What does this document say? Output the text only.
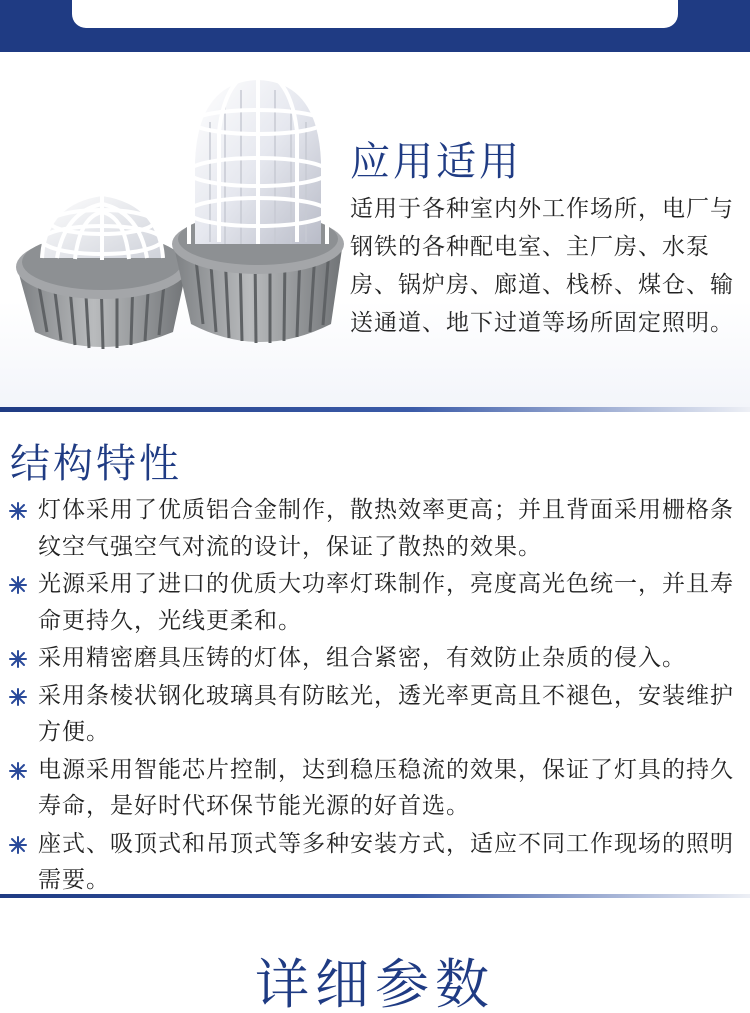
应用适用
适用于各种室内外工作场所，电厂与钢铁的各种配电室、主厂房、水泵房、锅炉房、廊道、栈桥、煤仓、输送通道、地下过道等场所固定照明。
结构特性
灯体采用了优质铝合金制作，散热效率更高；并且背面采用栅格条纹空气强空气对流的设计，保证了散热的效果。
光源采用了进口的优质大功率灯珠制作，亮度高光色统一，并且寿命更持久，光线更柔和。
采用精密磨具压铸的灯体，组合紧密，有效防止杂质的侵入。
采用条棱状钢化玻璃具有防眩光，透光率更高且不褪色，安装维护方便。
电源采用智能芯片控制，达到稳压稳流的效果，保证了灯具的持久寿命，是好时代环保节能光源的好首选。
座式、吸顶式和吊顶式等多种安装方式，适应不同工作现场的照明需要。
详细参数
